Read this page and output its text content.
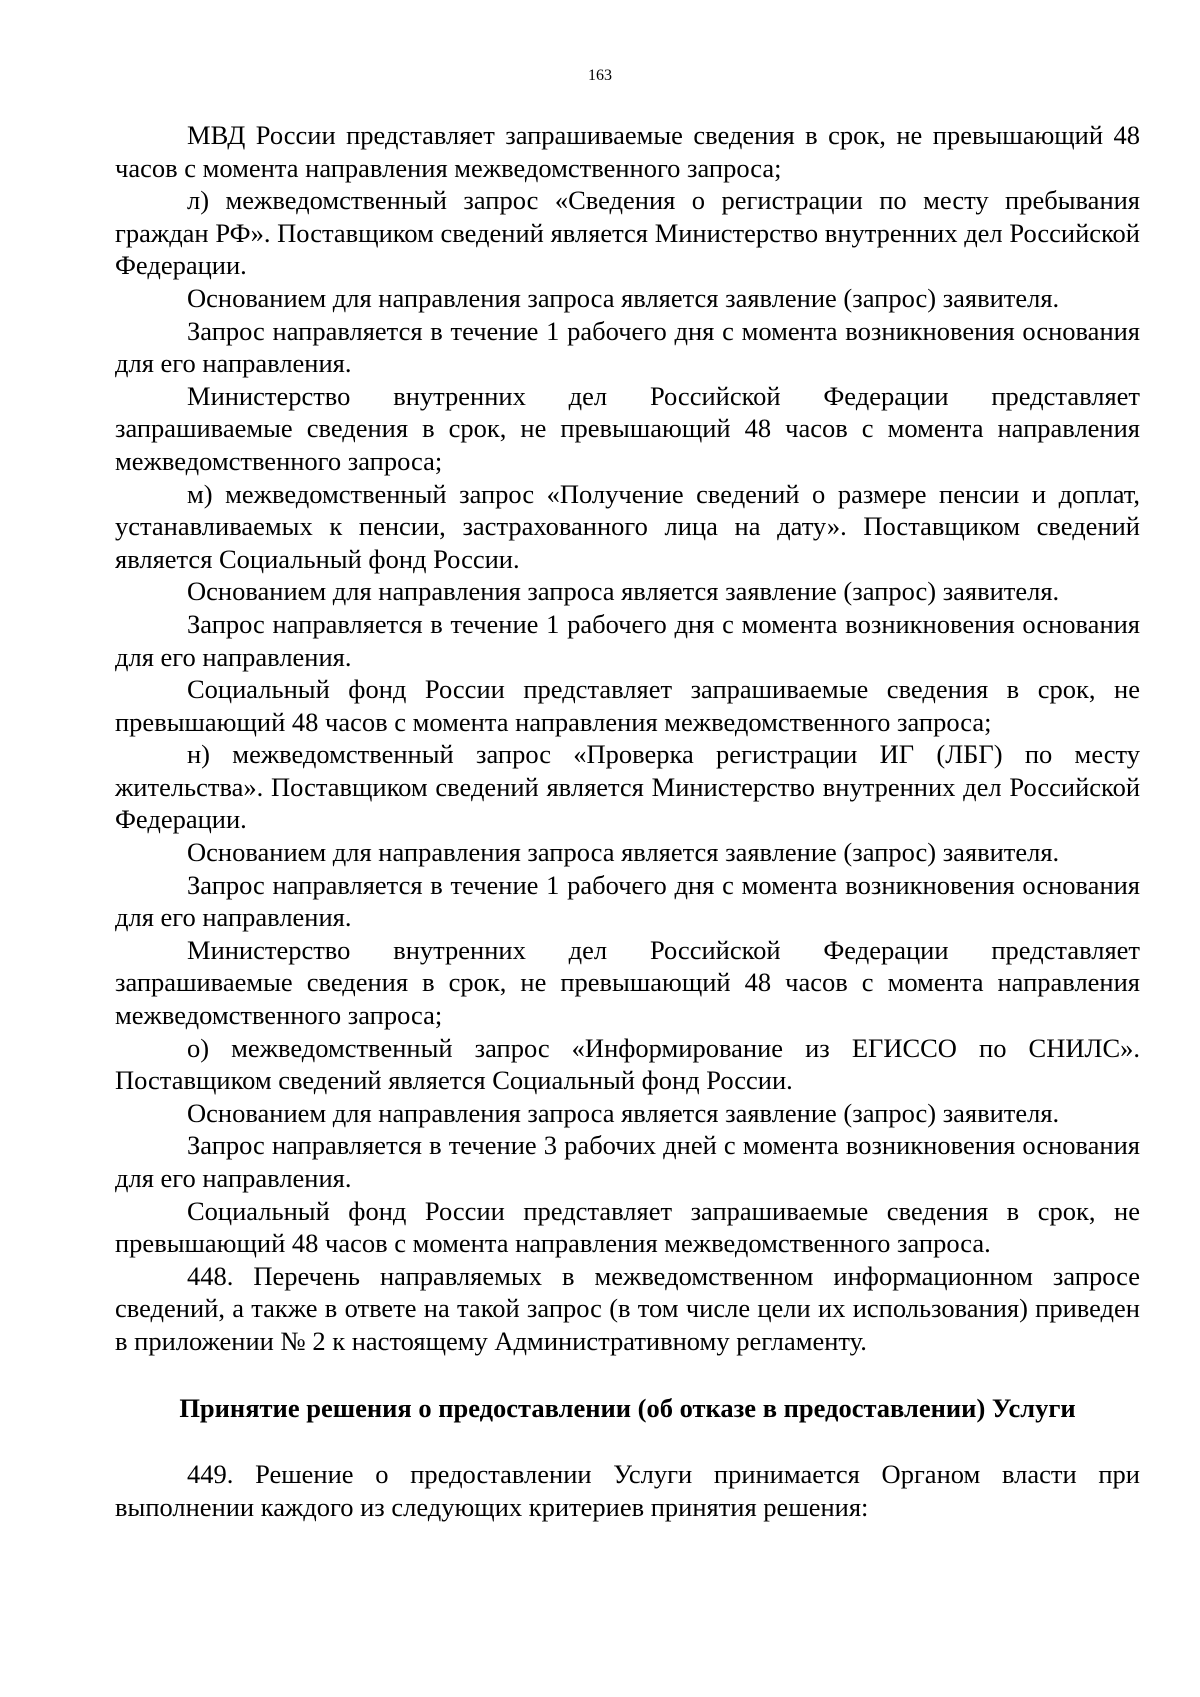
163

МВД России представляет запрашиваемые сведения в срок, не превышающий 48 часов с момента направления межведомственного запроса;

л) межведомственный запрос «Сведения о регистрации по месту пребывания граждан РФ». Поставщиком сведений является Министерство внутренних дел Российской Федерации.

Основанием для направления запроса является заявление (запрос) заявителя.

Запрос направляется в течение 1 рабочего дня с момента возникновения основания для его направления.

Министерство внутренних дел Российской Федерации представляет запрашиваемые сведения в срок, не превышающий 48 часов с момента направления межведомственного запроса;

м) межведомственный запрос «Получение сведений о размере пенсии и доплат, устанавливаемых к пенсии, застрахованного лица на дату». Поставщиком сведений является Социальный фонд России.

Основанием для направления запроса является заявление (запрос) заявителя.

Запрос направляется в течение 1 рабочего дня с момента возникновения основания для его направления.

Социальный фонд России представляет запрашиваемые сведения в срок, не превышающий 48 часов с момента направления межведомственного запроса;

н) межведомственный запрос «Проверка регистрации ИГ (ЛБГ) по месту жительства». Поставщиком сведений является Министерство внутренних дел Российской Федерации.

Основанием для направления запроса является заявление (запрос) заявителя.

Запрос направляется в течение 1 рабочего дня с момента возникновения основания для его направления.

Министерство внутренних дел Российской Федерации представляет запрашиваемые сведения в срок, не превышающий 48 часов с момента направления межведомственного запроса;

о) межведомственный запрос «Информирование из ЕГИССО по СНИЛС». Поставщиком сведений является Социальный фонд России.

Основанием для направления запроса является заявление (запрос) заявителя.

Запрос направляется в течение 3 рабочих дней с момента возникновения основания для его направления.

Социальный фонд России представляет запрашиваемые сведения в срок, не превышающий 48 часов с момента направления межведомственного запроса.

448. Перечень направляемых в межведомственном информационном запросе сведений, а также в ответе на такой запрос (в том числе цели их использования) приведен в приложении № 2 к настоящему Административному регламенту.

Принятие решения о предоставлении (об отказе в предоставлении) Услуги

449. Решение о предоставлении Услуги принимается Органом власти при выполнении каждого из следующих критериев принятия решения:
